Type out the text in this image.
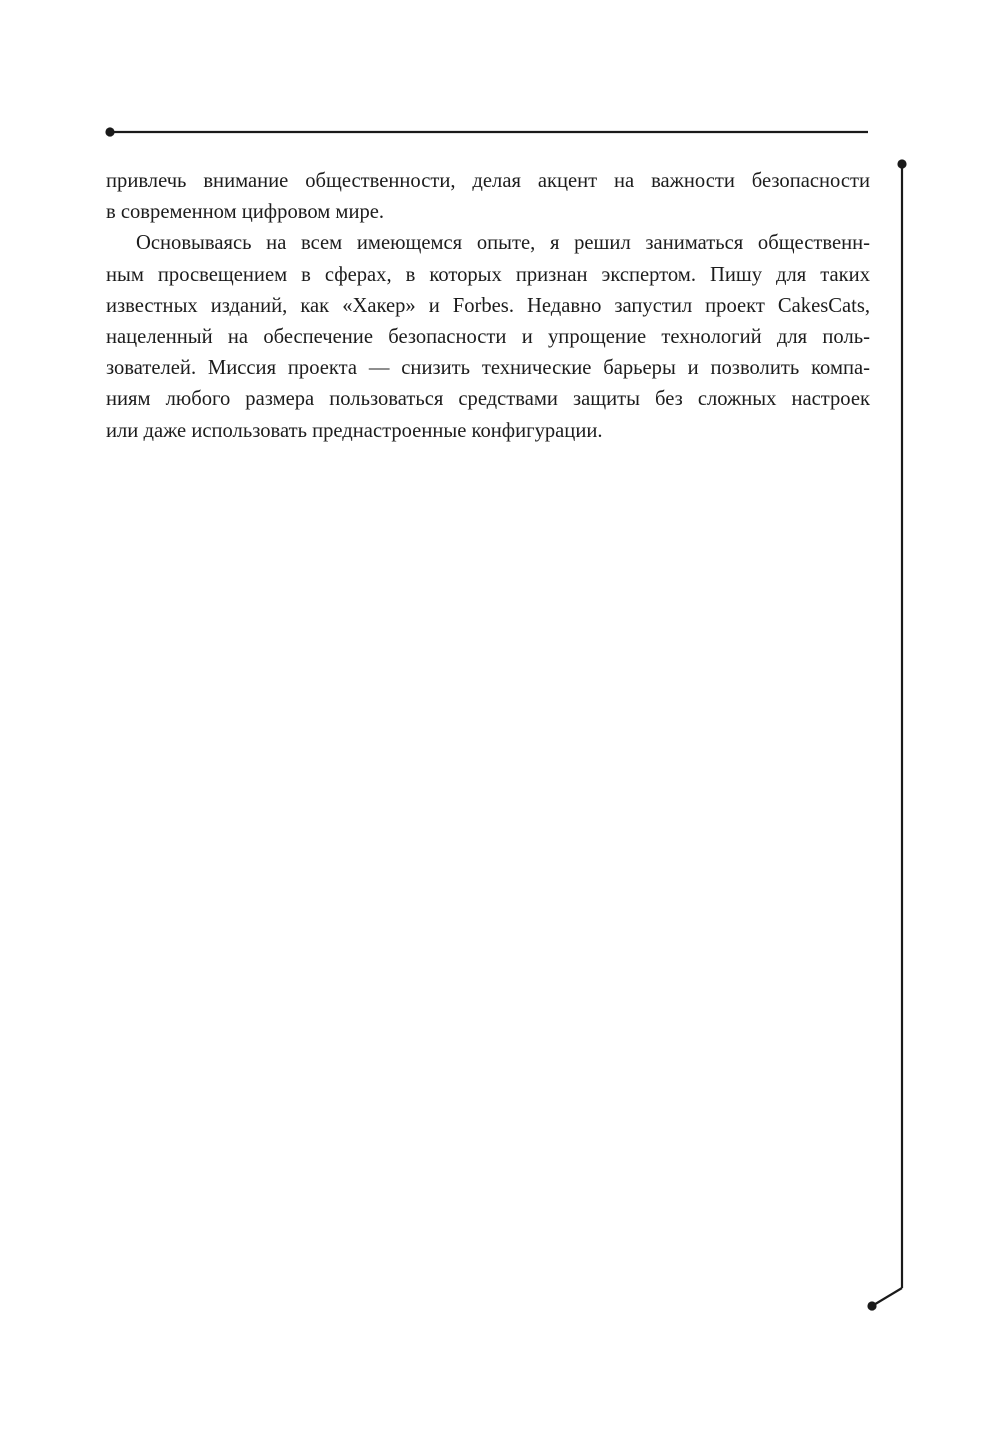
привлечь внимание общественности, делая акцент на важности безопасности
в современном цифровом мире.

Основываясь на всем имеющемся опыте, я решил заниматься общественн-
ным просвещением в сферах, в которых признан экспертом. Пишу для таких
известных изданий, как «Хакер» и Forbes. Недавно запустил проект CakesCats,
нацеленный на обеспечение безопасности и упрощение технологий для поль-
зователей. Миссия проекта — снизить технические барьеры и позволить компа-
ниям любого размера пользоваться средствами защиты без сложных настроек
или даже использовать преднастроенные конфигурации.
